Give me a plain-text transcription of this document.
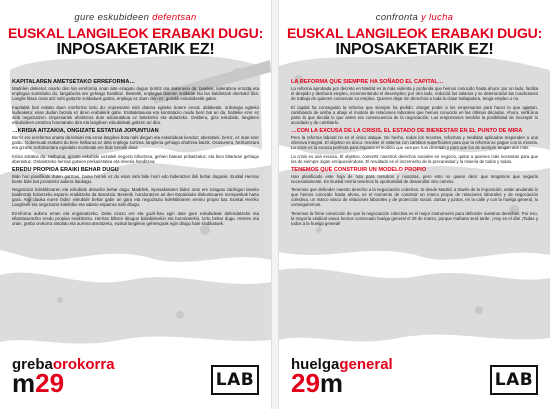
gure eskubideen defentsan
EUSKAL LANGILEOK ERABAKI DUGU:
INPOSAKETARIK EZ!
KAPITALAREN AMETSETAKO ERREFORMA…

Madrilen dekretuz onartu den lan erreforma onan arte ezagutu dugun bortitz eta sakonena da: baiekiki, kaleratzea erraztu eta enplegua suntsituko du, langabezia are gehiago handituz. Bestetik, enplegua duenen soldatak eta lan baldintzak okertuko dira. Langile klase osoa utzi nahi gaituzte soldaduek gaitza, enplegu ez duen zein ez, gutxitik eskubideetik galen.

Kapitalak beti eskatu duen erreforma lortu du: enpresariei nahi dutena egiteko botere erreal, aldaketak, ordutegia egiteko kudeaketa; esan dudan bezala ez diren erabakirik gabe. Erabakitasuna eta kontratazio modu berri bat ari da, baliteke ezer ez dela negoziatzen. Enpresariek ahalmena dute adostutakoa ez betetzeko eta aldatzeko. Geldiera, giza eskubide, langileen eskubideen urratzea honetarako dira eta langileen eskubideak galtzen ari dira.

…KRISIA AITZAKIA, ONGIZATE ESTATUA JOPUNTUAN

Berriz ere erreforma onartu da krisiari eta errua langileoi bota nahi diegun eta eskubideak kenduz; aberatsek, berriz, ez dute ezer galdu. Gobernuak erakutsi du bere helburua ez dela enplegu sortzea, langileria gehiago ahultzea baizik. Osasunera, hezkuntzara eta gizarte zerbitzuetara egindako mozketak ere bide beretik doaz.

Krisia aitzakia da. Helburua, gizarte eskubide sozialek negozio bihurtzea, gehien batean pribatizatuz, eta bien bitartean gehiago aberastuz. Ordaintzeko herriari gutxien prekarietatea eta miseria handitzea.

EREDU PROPIOA ERAIKI BEHAR DUGU

Bide hori planifikatu duten gaiztoei, baina horrek ez du esan nahi bide horri edo bideratzen ibili behar dugunik. Euskal Herrian beste bide bat jorratzeko aukera daukagu.

Negoziazio kolektiboaren eta eskubide deituriko behar dugu. Madrilek, inposaketaren bidez oran ere ezagutu zaizkigun laneko baldintzak hobetzeko esparru eraikitzeko da itxarotsia. Bestetik, hondoratzen ari den Espainiako diskurtsoaren mempeskak hartu gara. Argi dauka euren bidez eskubide behar gabe ari gara eta negoziazio kolektiboaren eremu propio bat. Euskal Herriko Langileek eta negoziazio kolektibo eta salario esparrua nahi ditugu.

Erreforma aukera eman eta engainatzeko. Deitu ezazu ere eta guzti-hau egin dute gure eskubideak defendatzeko eta elkartasunezko eredu propioa eraikitzeko. Herrian biltzen ditugun baliabideekin eta borrokarekin, lortu behar dugu. Hemen eta orain, greba orokorra antolatu eta aurrera ateratzeko, euskal langileon gehiengoak egin ditugu hain sindikatuek.

grebaorokorra
m29	LAB
confronta y lucha
EUSKAL LANGILEOK ERABAKI DUGU:
INPOSAKETARIK EZ!
LA REFORMA QUE SIEMPRE HA SOÑADO EL CAPITAL…

La reforma aprobada por decreto en Madrid es la más violenta y profunda que hemos conocido hasta ahora: por un lado, facilita el despido y destruirá empleo, incrementando el desempleo; por otro lado, reducirá los salarios y se deteriorarán las condiciones de trabajo de quienes conservan su empleo. Quieren dejar sin derechos a toda la clase trabajadora, tenga empleo o no.

El capital ha conseguido la reforma que siempre ha pedido: otorgar poder a los empresarios para hacer lo que quieran, cambiando de arriba a abajo el modelo de relaciones laborales que hemos conocido en las últimas décadas. Ahora, será una parte la que decida lo que antes era consecuencia de la negociación. Los empresarios tendrán la posibilidad de incumplir lo acordado y de cambiarlo.

…CON LA EXCUSA DE LA CRISIS, EL ESTADO DE BIENESTAR EN EL PUNTO DE MIRA

Pero la reforma laboral no es el único ataque. De hecho, todos los recortes, reformas y medidas aplicadas responden a una ofensiva integral. El objetivo es único: resolver el sistema con cambios superficiales para que la reforma se pague con la miseria. La crisis es la excusa perfecta para imponer el modelo que siempre han deseado y para que los de siempre tengan aún más.

La crisis es una excusa. El objetivo, convertir nuestros derechos sociales en negocio, quitar a quienes más necesitan para que los de siempre sigan enriqueciéndose. El resultado es el incremento de la precariedad y la miseria de todos y todas.

TENEMOS QUE CONSTRUIR UN MODELO PROPIO

Han planificado este hoja de ruta para nosotros y nosotras, pero esto no quiere decir que tengamos que seguirla necesariamente. En Euskal Herria tenemos la oportunidad de desarrollar otro camino.

Tenemos que defender nuestro derecho a la negociación colectiva. Si desde Madrid, a través de la imposición, están anulando lo que hemos conocido hasta ahora, es el momento de construir un marco propio de relaciones laborales y de negociación colectiva, un marco vasco de relaciones laborales y de protección social. Juntas y juntos, en la calle y con la huelga general, lo conseguiremos.

Tenemos la firme convicción de que la negociación colectiva es el mejor instrumento para defender nuestros derechos. Por eso, la mayoría sindical vasca hemos convocado huelga general el 29 de marzo, porque mañana será tarde. ¡Hoy es el día! ¡Todas y todos a la huelga general!

huelgageneral
29m	LAB
